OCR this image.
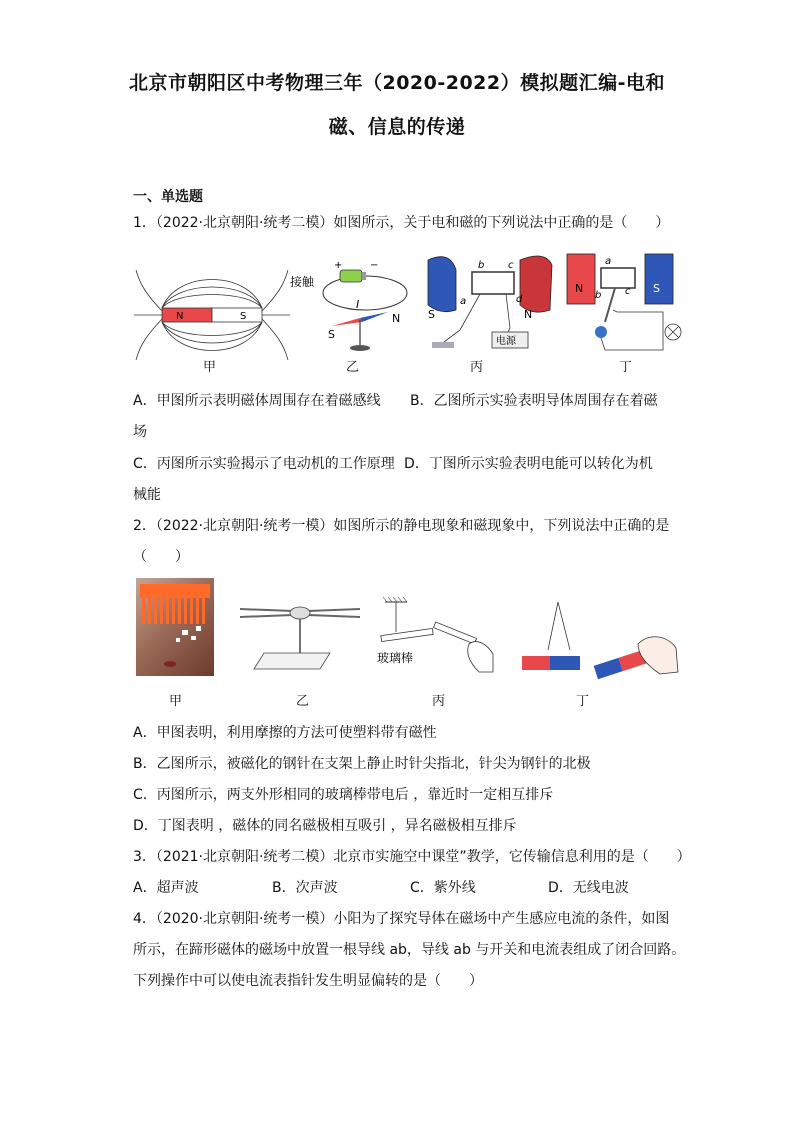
北京市朝阳区中考物理三年（2020-2022）模拟题汇编-电和
磁、信息的传递
一、单选题
1．（2022·北京朝阳·统考二模）如图所示，关于电和磁的下列说法中正确的是（　　）
N	S
甲
接触
+	−
I
S
N
乙
b c
a	d
S	N
电源
丙
N	S
a
b c
丁
A．甲图所示表明磁体周围存在着磁感线 B．乙图所示实验表明导体周围存在着磁
场
C．丙图所示实验揭示了电动机的工作原理 D．丁图所示实验表明电能可以转化为机
械能
2．（2022·北京朝阳·统考一模）如图所示的静电现象和磁现象中，下列说法中正确的是
（　　）
甲	乙
玻璃棒
丙	丁
A．甲图表明，利用摩擦的方法可使塑料带有磁性
B．乙图所示，被磁化的钢针在支架上静止时针尖指北，针尖为钢针的北极
C．丙图所示，两支外形相同的玻璃棒带电后 ，靠近时一定相互排斥
D．丁图表明 ，磁体的同名磁极相互吸引 ，异名磁极相互排斥
3．（2021·北京朝阳·统考二模）北京市实施空中课堂”教学，它传输信息利用的是（　　）
A．超声波	B．次声波	C．紫外线	D．无线电波
4．（2020·北京朝阳·统考一模）小阳为了探究导体在磁场中产生感应电流的条件，如图
所示，在蹄形磁体的磁场中放置一根导线 ab，导线 ab 与开关和电流表组成了闭合回路。
下列操作中可以使电流表指针发生明显偏转的是（　　）
